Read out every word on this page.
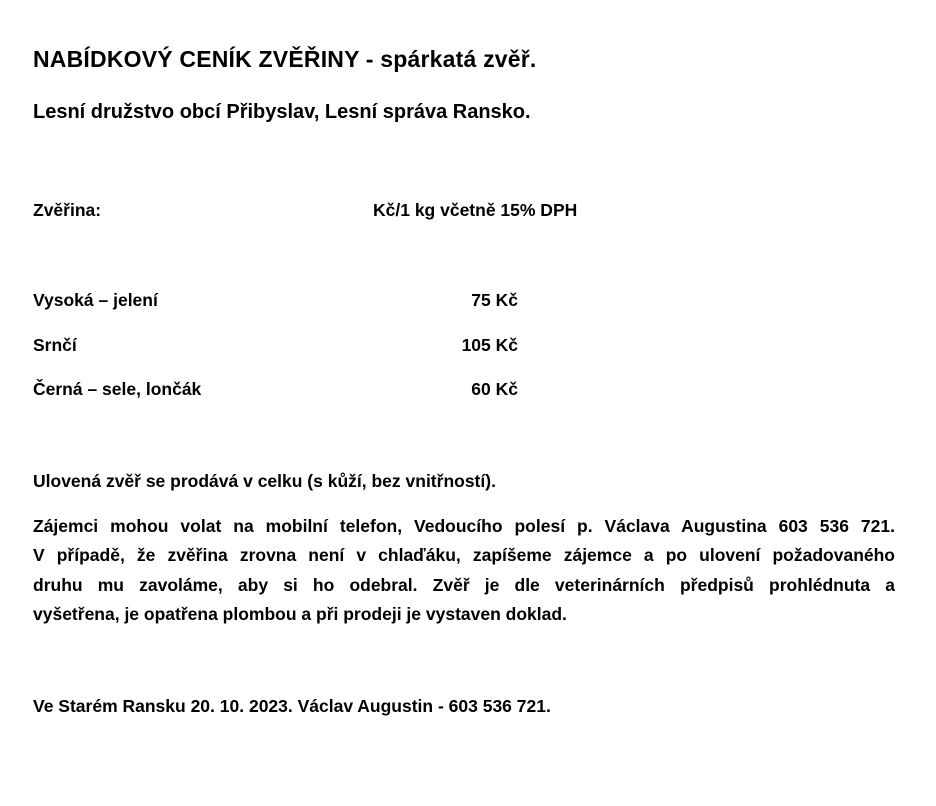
NABÍDKOVÝ CENÍK ZVĚŘINY - spárkatá zvěř.
Lesní družstvo obcí Přibyslav, Lesní správa Ransko.
Zvěřina:	Kč/1 kg včetně 15% DPH
Vysoká – jelení	75 Kč
Srnčí	105 Kč
Černá – sele, lončák	60 Kč
Ulovená zvěř se prodává v celku (s kůží, bez vnitřností).
Zájemci mohou volat na mobilní telefon, Vedoucího polesí p. Václava Augustina 603 536 721.
V případě, že zvěřina zrovna není v chlaďáku, zapíšeme zájemce a po ulovení požadovaného
druhu mu zavoláme, aby si ho odebral. Zvěř je dle veterinárních předpisů prohlédnuta a
vyšetřena, je opatřena plombou a při prodeji je vystaven doklad.
Ve Starém Ransku 20. 10. 2023. Václav Augustin - 603 536 721.
